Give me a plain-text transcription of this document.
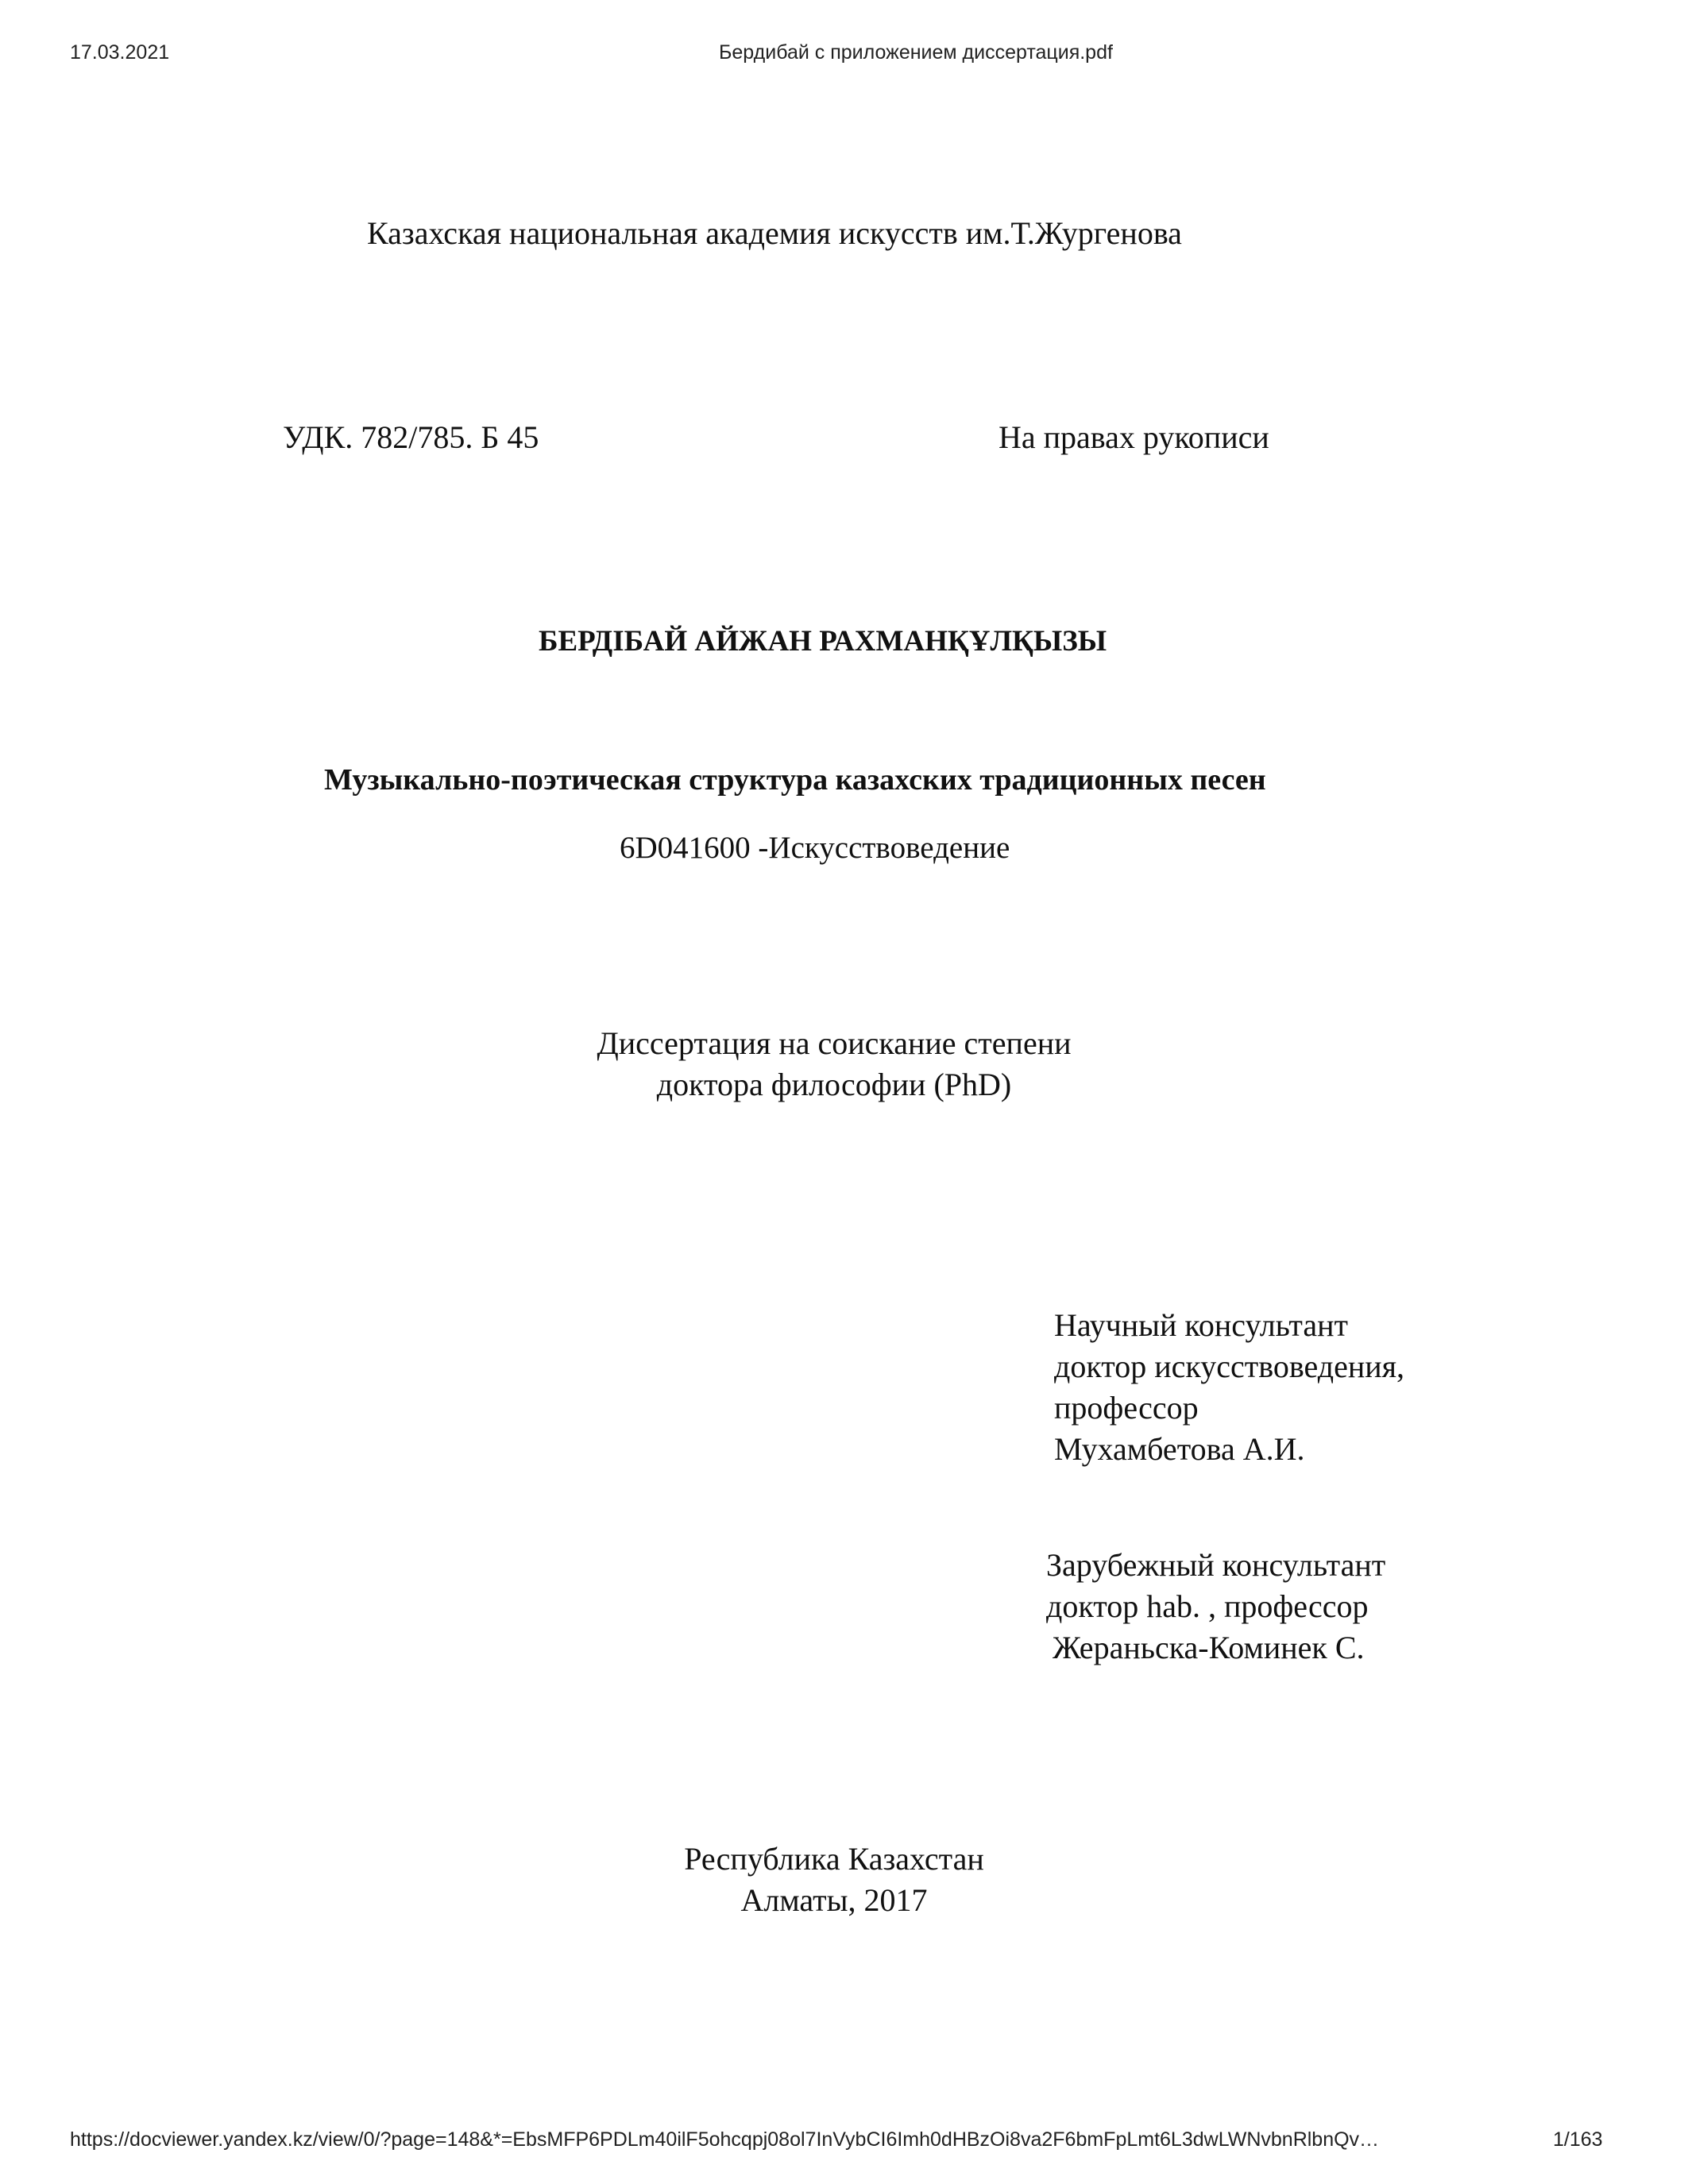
17.03.2021	Бердибай с приложением диссертация.pdf
Казахская национальная академия искусств им.Т.Жургенова
УДК. 782/785. Б 45	На правах рукописи
БЕРДІБАЙ АЙЖАН РАХМАНҚҰЛҚЫЗЫ
Музыкально-поэтическая структура казахских традиционных песен
6D041600 -Искусствоведение
Диссертация на соискание степени
доктора философии (PhD)
Научный консультант
доктор искусствоведения,
профессор
Мухамбетова А.И.
Зарубежный консультант
доктор hab. , профессор
Жераньска-Коминек С.
Республика Казахстан
Алматы, 2017
https://docviewer.yandex.kz/view/0/?page=148&*=EbsMFP6PDLm40ilF5ohcqpj08ol7InVybCI6Imh0dHBzOi8va2F6bmFpLmt6L3dwLWNvbnRlbnQv…	1/163
